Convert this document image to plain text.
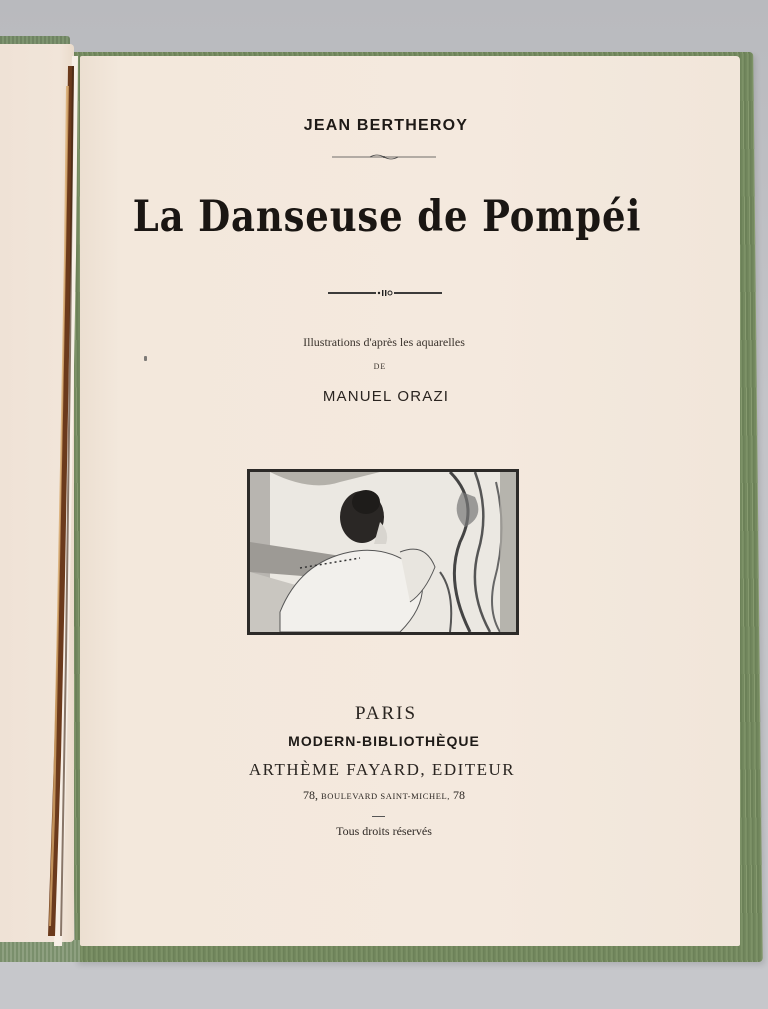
JEAN BERTHEROY
La Danseuse de Pompéi
Illustrations d'après les aquarelles
DE
MANUEL ORAZI
PARIS
MODERN-BIBLIOTHÈQUE
ARTHÈME FAYARD, EDITEUR
78, BOULEVARD SAINT-MICHEL, 78
Tous droits réservés
